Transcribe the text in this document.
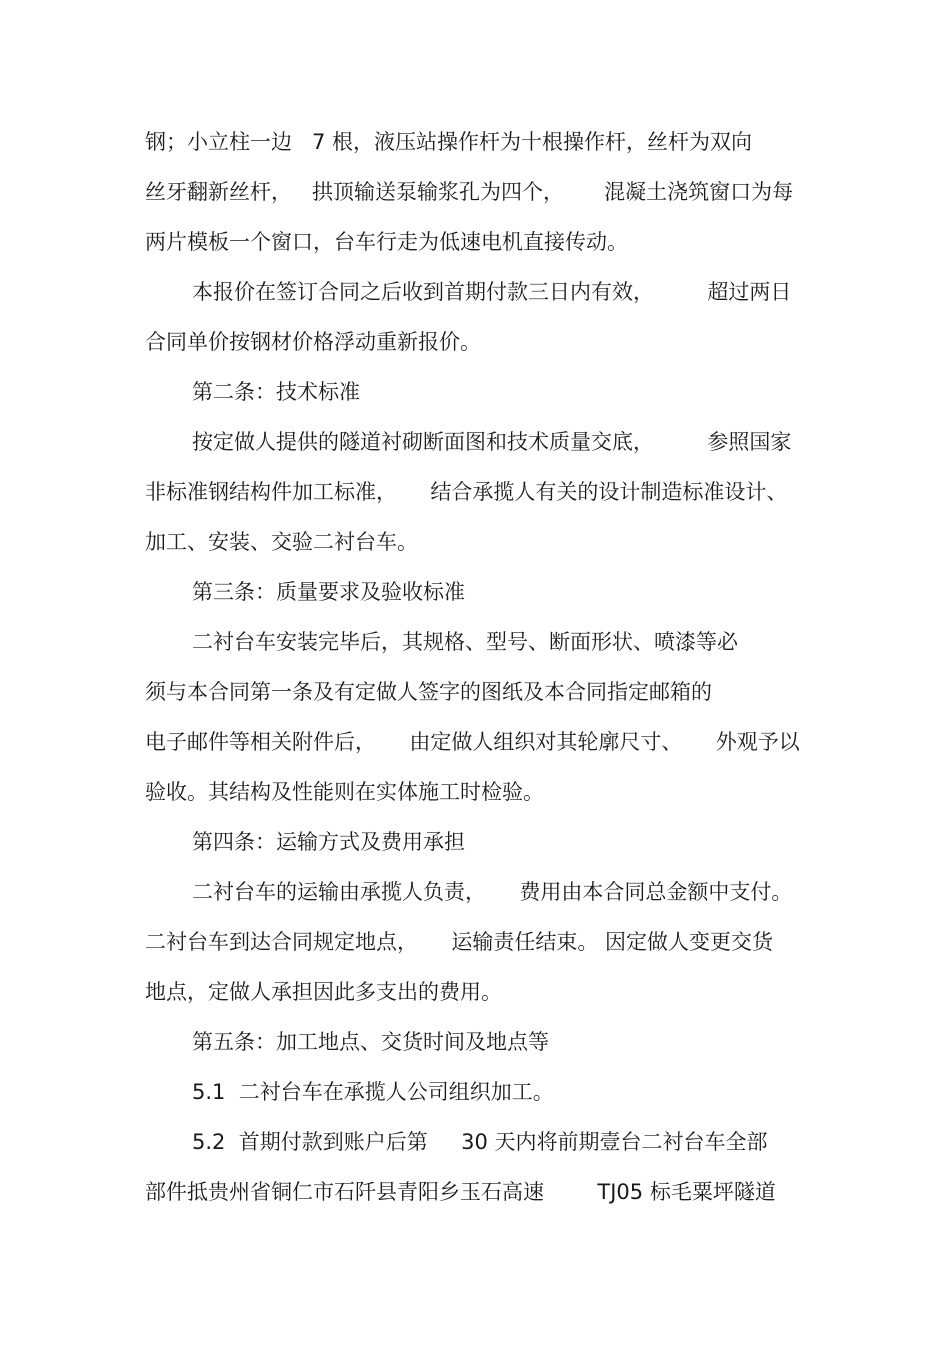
钢；小立柱一边   7 根，液压站操作杆为十根操作杆，丝杆为双向
丝牙翻新丝杆，   拱顶输送泵输浆孔为四个，      混凝土浇筑窗口为每
两片模板一个窗口，台车行走为低速电机直接传动。
本报价在签订合同之后收到首期付款三日内有效，        超过两日
合同单价按钢材价格浮动重新报价。
第二条：技术标准
按定做人提供的隧道衬砌断面图和技术质量交底，        参照国家
非标准钢结构件加工标准，     结合承揽人有关的设计制造标准设计、
加工、安装、交验二衬台车。
第三条：质量要求及验收标准
二衬台车安装完毕后，其规格、型号、断面形状、喷漆等必
须与本合同第一条及有定做人签字的图纸及本合同指定邮箱的
电子邮件等相关附件后，     由定做人组织对其轮廓尺寸、     外观予以
验收。其结构及性能则在实体施工时检验。
第四条：运输方式及费用承担
二衬台车的运输由承揽人负责，     费用由本合同总金额中支付。
二衬台车到达合同规定地点，     运输责任结束。 因定做人变更交货
地点，定做人承担因此多支出的费用。
第五条：加工地点、交货时间及地点等
5.1  二衬台车在承揽人公司组织加工。
5.2  首期付款到账户后第     30 天内将前期壹台二衬台车全部
部件抵贵州省铜仁市石阡县青阳乡玉石高速        TJ05 标毛粟坪隧道
